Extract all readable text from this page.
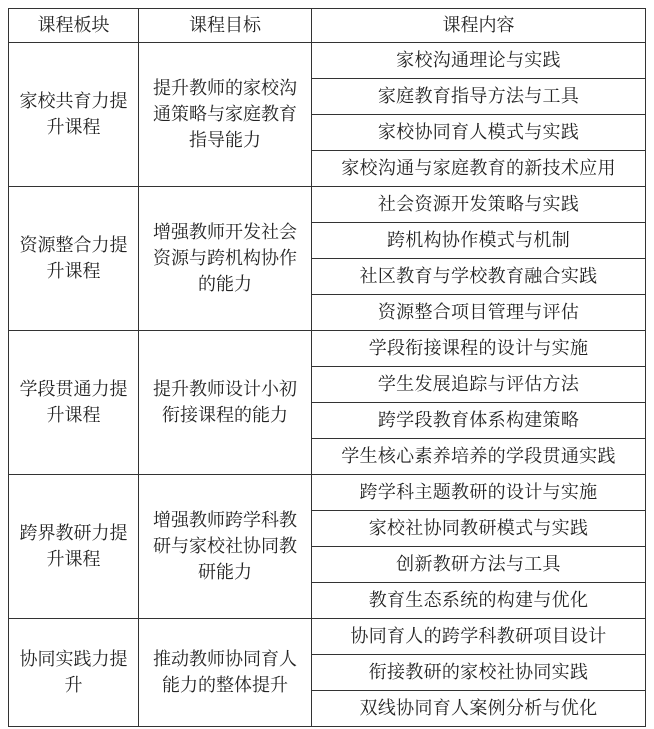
课程板块	课程目标	课程内容
家校共育力提升课程	提升教师的家校沟通策略与家庭教育指导能力	家校沟通理论与实践
		家庭教育指导方法与工具
		家校协同育人模式与实践
		家校沟通与家庭教育的新技术应用
资源整合力提升课程	增强教师开发社会资源与跨机构协作的能力	社会资源开发策略与实践
		跨机构协作模式与机制
		社区教育与学校教育融合实践
		资源整合项目管理与评估
学段贯通力提升课程	提升教师设计小初衔接课程的能力	学段衔接课程的设计与实施
		学生发展追踪与评估方法
		跨学段教育体系构建策略
		学生核心素养培养的学段贯通实践
跨界教研力提升课程	增强教师跨学科教研与家校社协同教研能力	跨学科主题教研的设计与实施
		家校社协同教研模式与实践
		创新教研方法与工具
		教育生态系统的构建与优化
协同实践力提升	推动教师协同育人能力的整体提升	协同育人的跨学科教研项目设计
		衔接教研的家校社协同实践
		双线协同育人案例分析与优化
